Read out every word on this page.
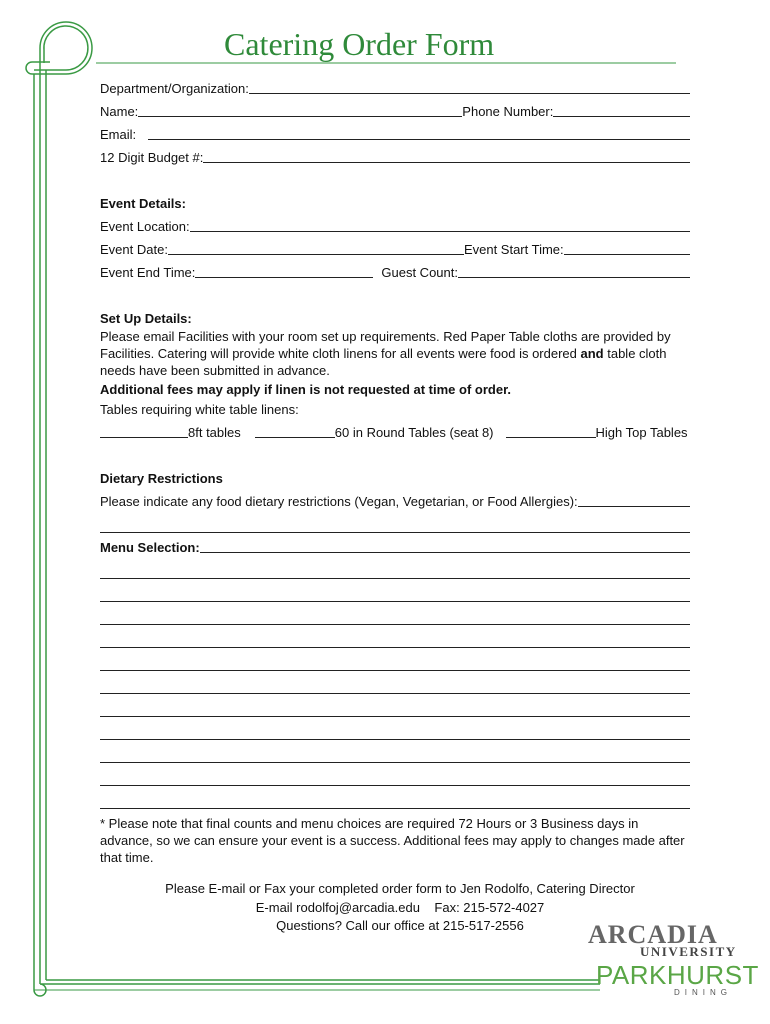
Catering Order Form
Department/Organization:
Name:	Phone Number:
Email:
12 Digit Budget #:
Event Details:
Event Location:
Event Date:	Event Start Time:
Event End Time:	Guest Count:
Set Up Details:

Please email Facilities with your room set up requirements. Red Paper Table cloths are provided by Facilities. Catering will provide white cloth linens for all events were food is ordered and table cloth needs have been submitted in advance.

Additional fees may apply if linen is not requested at time of order.

Tables requiring white table linens:

8ft tables	60 in Round Tables (seat 8)	High Top Tables
Dietary Restrictions
Please indicate any food dietary restrictions (Vegan, Vegetarian, or Food Allergies):
Menu Selection:

* Please note that final counts and menu choices are required 72 Hours or 3 Business days in advance, so we can ensure your event is a success. Additional fees may apply to changes made after that time.

Please E-mail or Fax your completed order form to Jen Rodolfo, Catering Director
E-mail rodolfoj@arcadia.edu    Fax: 215-572-4027
Questions? Call our office at 215-517-2556	ARCADIA
UNIVERSITY
PARKHURST
DINING
